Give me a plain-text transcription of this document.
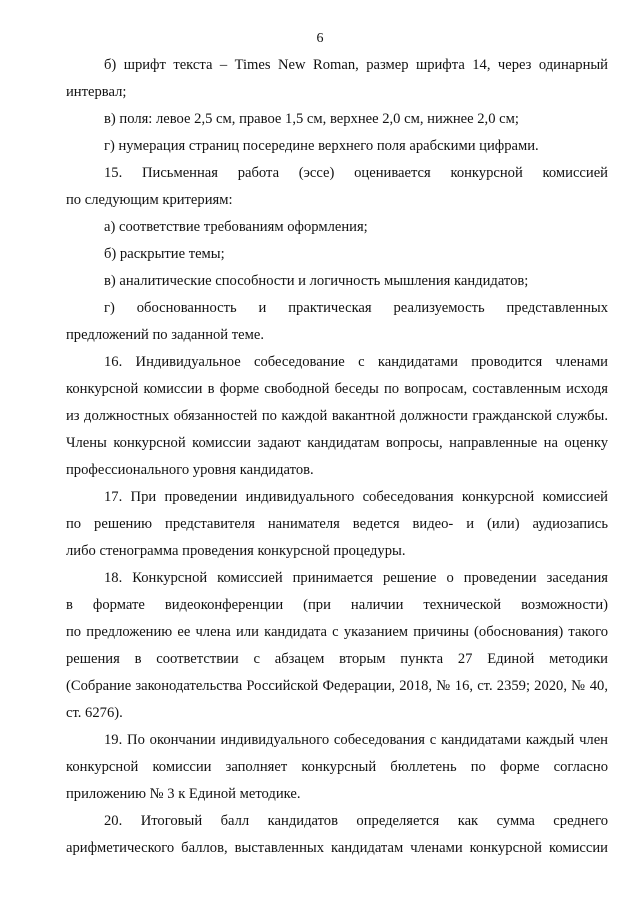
6
б) шрифт текста – Times New Roman, размер шрифта 14, через одинарный
интервал;
в) поля: левое 2,5 см, правое 1,5 см, верхнее 2,0 см, нижнее 2,0 см;
г) нумерация страниц посередине верхнего поля арабскими цифрами.
15. Письменная работа (эссе) оценивается конкурсной комиссией
по следующим критериям:
а) соответствие требованиям оформления;
б) раскрытие темы;
в) аналитические способности и логичность мышления кандидатов;
г) обоснованность и практическая реализуемость представленных
предложений по заданной теме.
16. Индивидуальное собеседование с кандидатами проводится членами
конкурсной комиссии в форме свободной беседы по вопросам, составленным исходя
из должностных обязанностей по каждой вакантной должности гражданской службы.
Члены конкурсной комиссии задают кандидатам вопросы, направленные на оценку
профессионального уровня кандидатов.
17. При проведении индивидуального собеседования конкурсной комиссией
по решению представителя нанимателя ведется видео- и (или) аудиозапись
либо стенограмма проведения конкурсной процедуры.
18. Конкурсной комиссией принимается решение о проведении заседания
в формате видеоконференции (при наличии технической возможности)
по предложению ее члена или кандидата с указанием причины (обоснования) такого
решения в соответствии с абзацем вторым пункта 27 Единой методики
(Собрание законодательства Российской Федерации, 2018, № 16, ст. 2359; 2020, № 40,
ст. 6276).
19. По окончании индивидуального собеседования с кандидатами каждый член
конкурсной комиссии заполняет конкурсный бюллетень по форме согласно
приложению № 3 к Единой методике.
20. Итоговый балл кандидатов определяется как сумма среднего
арифметического баллов, выставленных кандидатам членами конкурсной комиссии
